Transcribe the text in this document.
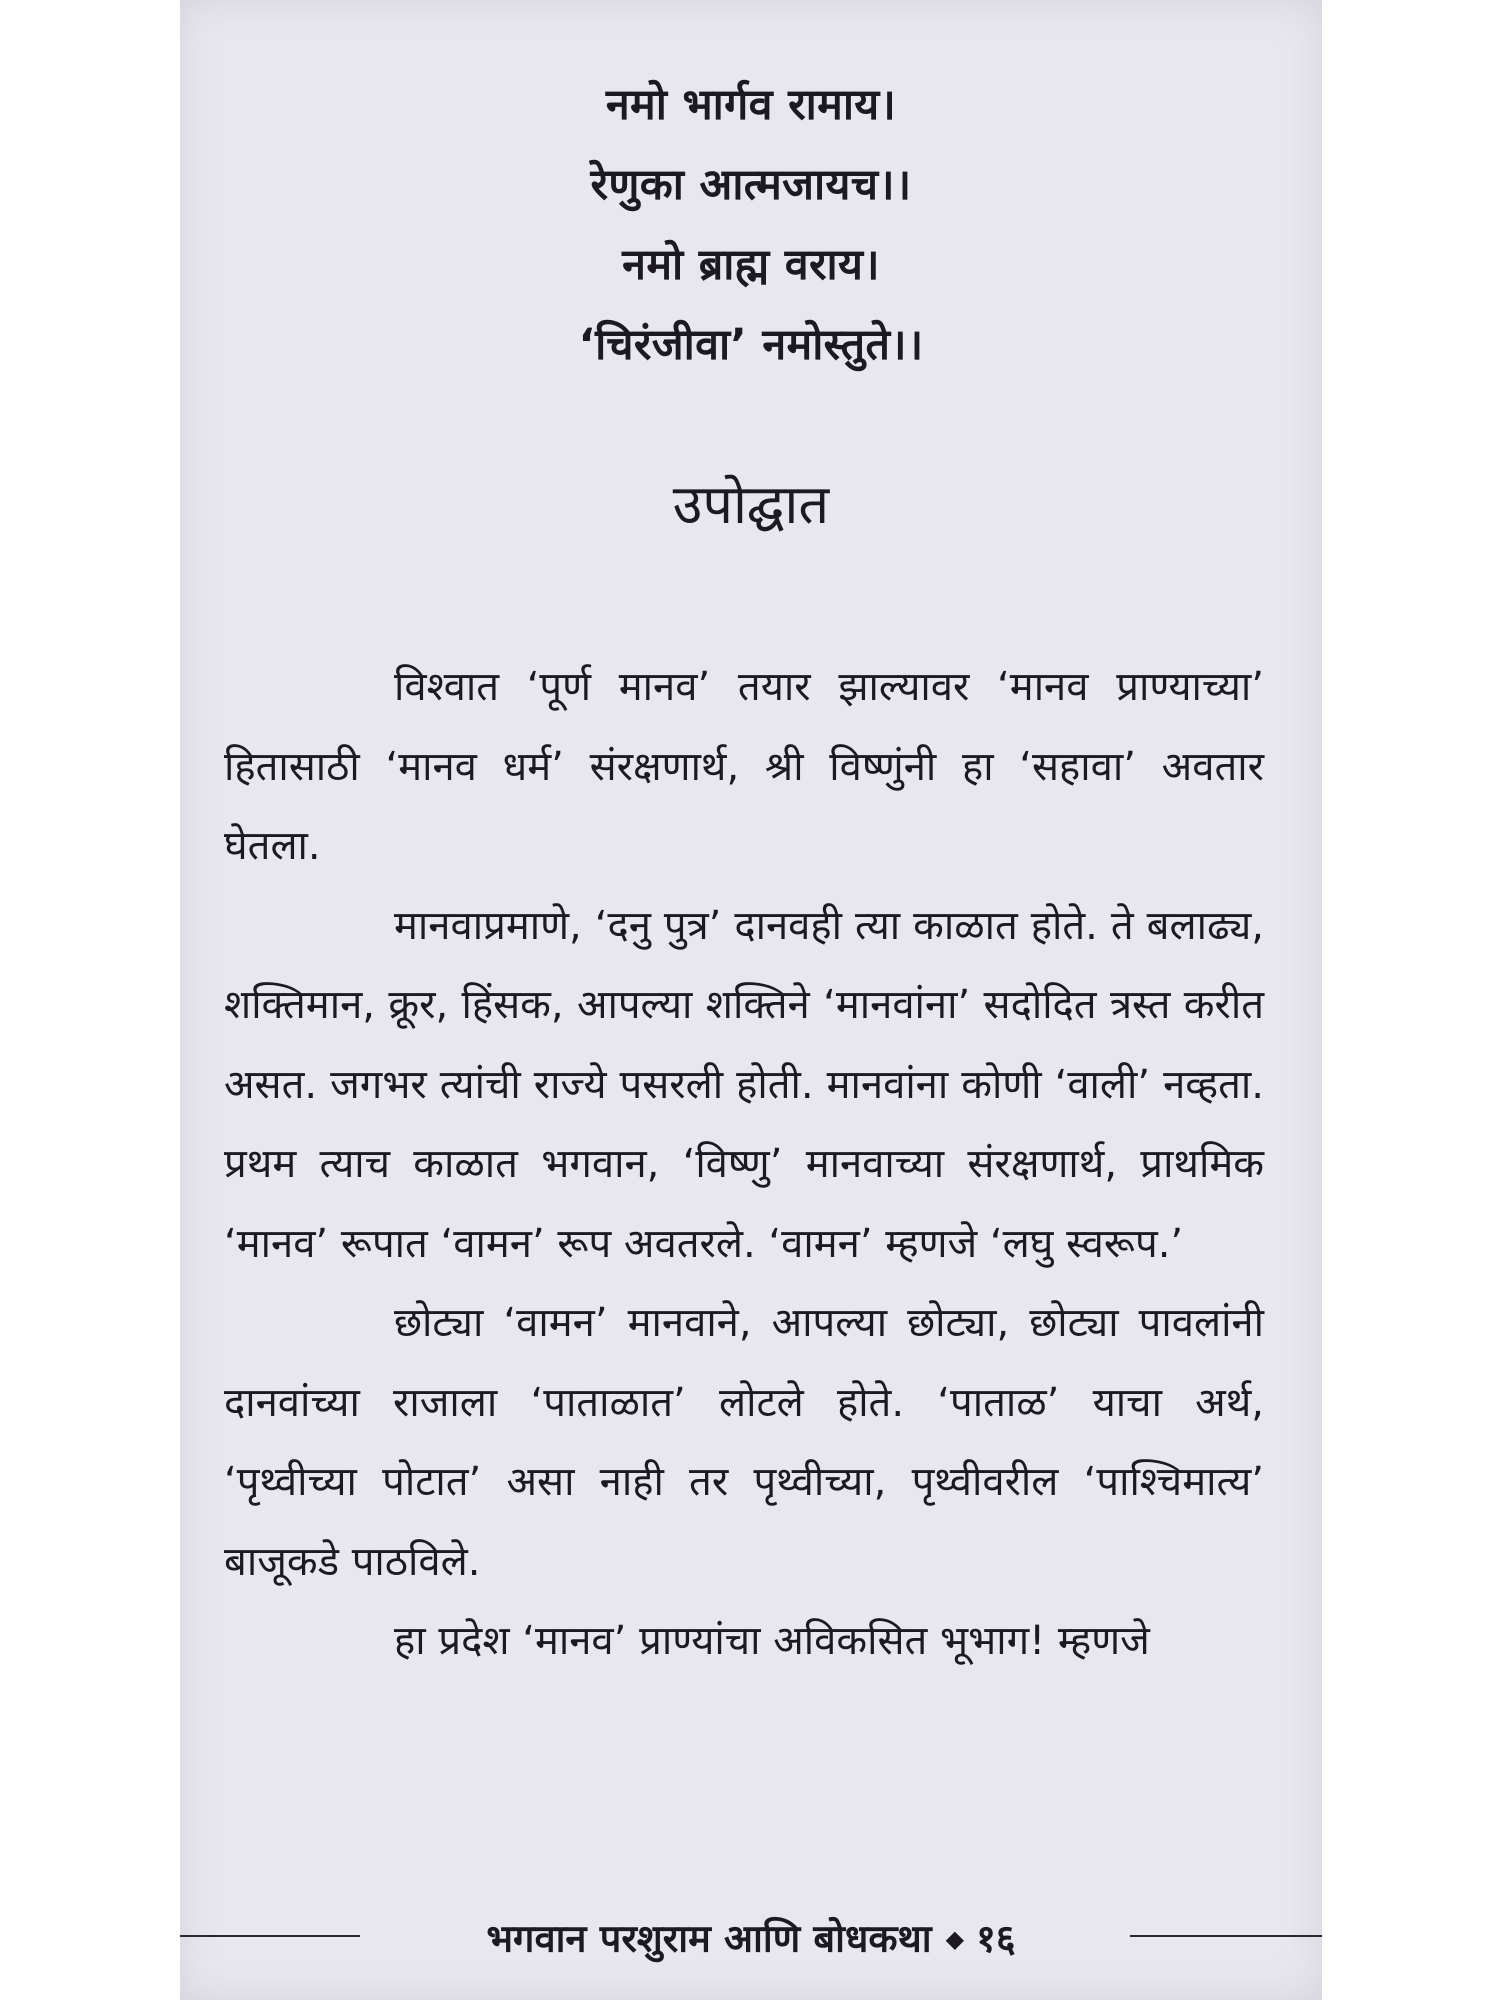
नमो भार्गव रामाय।
रेणुका आत्मजायच।।
नमो ब्राह्म वराय।
‘चिरंजीवा’ नमोस्तुते।।
उपोद्घात

विश्वात ‘पूर्ण मानव’ तयार झाल्यावर ‘मानव प्राण्याच्या’ हितासाठी ‘मानव धर्म’ संरक्षणार्थ, श्री विष्णुंनी हा ‘सहावा’ अवतार घेतला.

मानवाप्रमाणे, ‘दनु पुत्र’ दानवही त्या काळात होते. ते बलाढ्य, शक्तिमान, क्रूर, हिंसक, आपल्या शक्तिने ‘मानवांना’ सदोदित त्रस्त करीत असत. जगभर त्यांची राज्ये पसरली होती. मानवांना कोणी ‘वाली’ नव्हता. प्रथम त्याच काळात भगवान, ‘विष्णु’ मानवाच्या संरक्षणार्थ, प्राथमिक ‘मानव’ रूपात ‘वामन’ रूप अवतरले. ‘वामन’ म्हणजे ‘लघु स्वरूप.’

छोट्या ‘वामन’ मानवाने, आपल्या छोट्या, छोट्या पावलांनी दानवांच्या राजाला ‘पाताळात’ लोटले होते. ‘पाताळ’ याचा अर्थ, ‘पृथ्वीच्या पोटात’ असा नाही तर पृथ्वीच्या, पृथ्वीवरील ‘पाश्चिमात्य’ बाजूकडे पाठविले.

हा प्रदेश ‘मानव’ प्राण्यांचा अविकसित भूभाग! म्हणजे

भगवान परशुराम आणि बोधकथा ◆ १६
